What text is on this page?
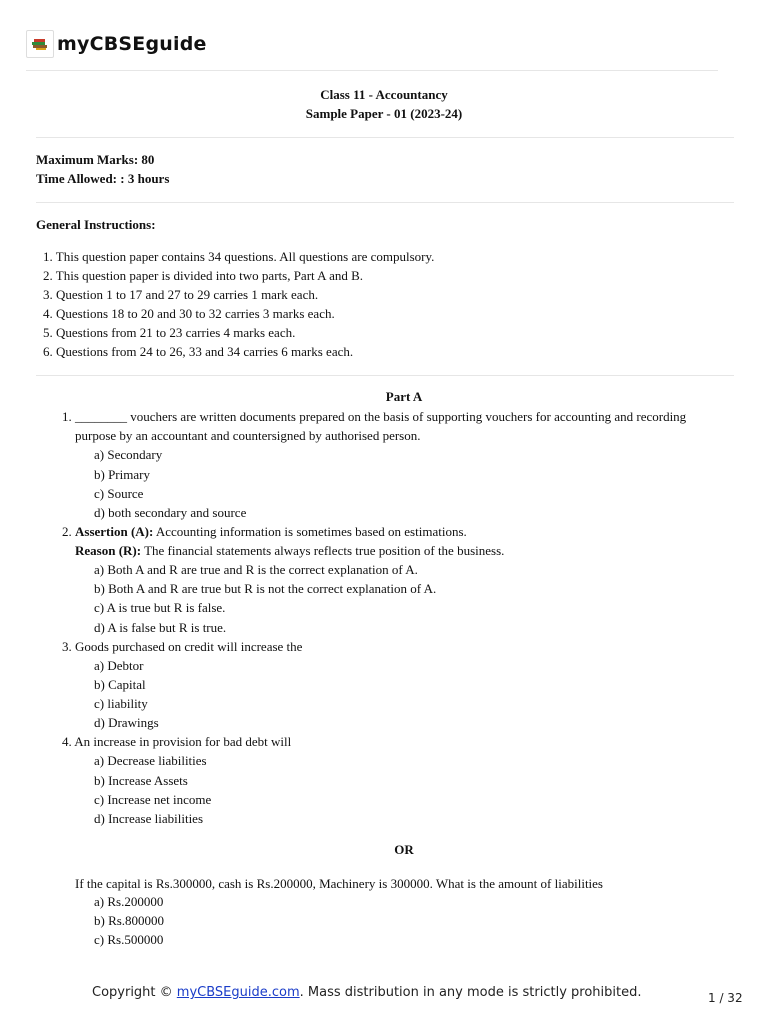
myCBSEguide
Class 11 - Accountancy
Sample Paper - 01 (2023-24)
Maximum Marks: 80
Time Allowed: : 3 hours
General Instructions:
1. This question paper contains 34 questions. All questions are compulsory.
2. This question paper is divided into two parts, Part A and B.
3. Question 1 to 17 and 27 to 29 carries 1 mark each.
4. Questions 18 to 20 and 30 to 32 carries 3 marks each.
5. Questions from 21 to 23 carries 4 marks each.
6. Questions from 24 to 26, 33 and 34 carries 6 marks each.
Part A
1. ________ vouchers are written documents prepared on the basis of supporting vouchers for accounting and recording
purpose by an accountant and countersigned by authorised person.
a) Secondary
b) Primary
c) Source
d) both secondary and source
2. Assertion (A): Accounting information is sometimes based on estimations.
Reason (R): The financial statements always reflects true position of the business.
a) Both A and R are true and R is the correct explanation of A.
b) Both A and R are true but R is not the correct explanation of A.
c) A is true but R is false.
d) A is false but R is true.
3. Goods purchased on credit will increase the
a) Debtor
b) Capital
c) liability
d) Drawings
4. An increase in provision for bad debt will
a) Decrease liabilities
b) Increase Assets
c) Increase net income
d) Increase liabilities
OR
If the capital is Rs.300000, cash is Rs.200000, Machinery is 300000. What is the amount of liabilities
a) Rs.200000
b) Rs.800000
c) Rs.500000
Copyright © myCBSEguide.com. Mass distribution in any mode is strictly prohibited.	1 / 32
